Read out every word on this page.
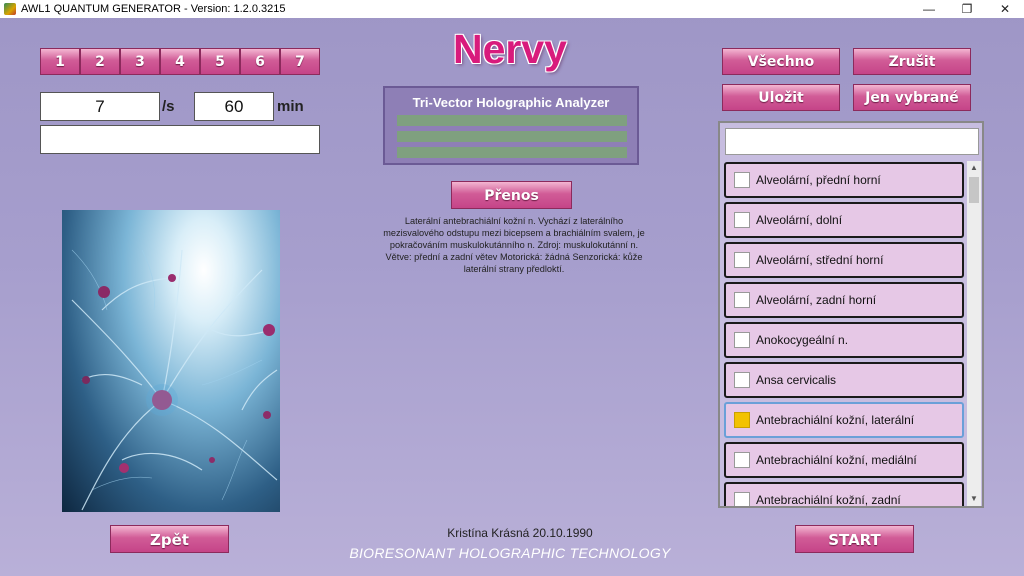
AWL1 QUANTUM GENERATOR - Version: 1.2.0.3215	—	❐	✕
1	2	3	4	5	6	7
7	/s	60	min
Nervy
Tri-Vector Holographic Analyzer
Přenos
Laterální antebrachiální kožní n. Vychází z laterálního mezisvalového odstupu mezi bicepsem a brachiálním svalem, je pokračováním muskulokutánního n. Zdroj: muskulokutánní n. Větve: přední a zadní větev Motorická: žádná Senzorická: kůže laterální strany předloktí.
Zpět	START
Kristína Krásná 20.10.1990
BIORESONANT HOLOGRAPHIC TECHNOLOGY
Všechno	Zrušit
Uložit	Jen vybrané
Alveolární, přední horní
Alveolární, dolní
Alveolární, střední horní
Alveolární, zadní horní
Anokocygeální n.
Ansa cervicalis
Antebrachiální kožní, laterální
Antebrachiální kožní, mediální
Antebrachiální kožní, zadní
▲
▼
